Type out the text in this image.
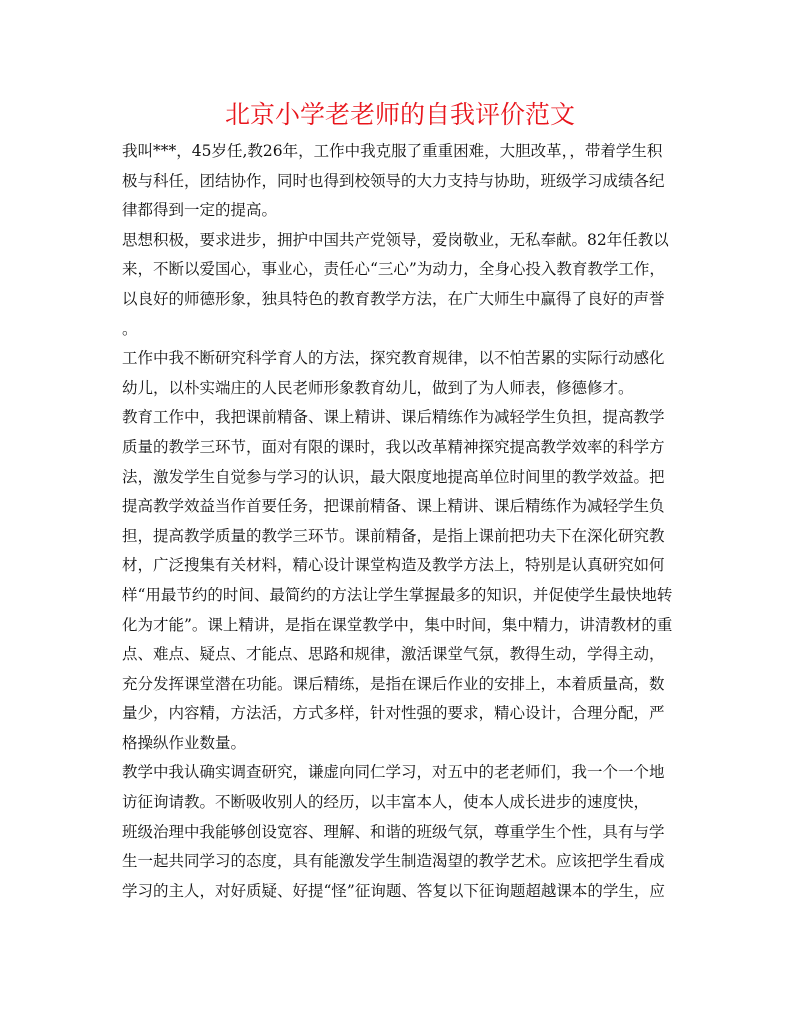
北京小学老老师的自我评价范文

我叫***，45岁任,教26年，工作中我克服了重重困难，大胆改革，，带着学生积
极与科任，团结协作，同时也得到校领导的大力支持与协助，班级学习成绩各纪
律都得到一定的提高。

思想积极，要求进步，拥护中国共产党领导，爱岗敬业，无私奉献。82年任教以
来，不断以爱国心，事业心，责任心“三心”为动力，全身心投入教育教学工作，
以良好的师德形象，独具特色的教育教学方法，在广大师生中赢得了良好的声誉
。

工作中我不断研究科学育人的方法，探究教育规律，以不怕苦累的实际行动感化
幼儿，以朴实端庄的人民老师形象教育幼儿，做到了为人师表，修德修才。

教育工作中，我把课前精备、课上精讲、课后精练作为减轻学生负担，提高教学
质量的教学三环节，面对有限的课时，我以改革精神探究提高教学效率的科学方
法，激发学生自觉参与学习的认识，最大限度地提高单位时间里的教学效益。把
提高教学效益当作首要任务，把课前精备、课上精讲、课后精练作为减轻学生负
担，提高教学质量的教学三环节。课前精备，是指上课前把功夫下在深化研究教
材，广泛搜集有关材料，精心设计课堂构造及教学方法上，特别是认真研究如何
样“用最节约的时间、最简约的方法让学生掌握最多的知识，并促使学生最快地转
化为才能”。课上精讲，是指在课堂教学中，集中时间，集中精力，讲清教材的重
点、难点、疑点、才能点、思路和规律，激活课堂气氛，教得生动，学得主动，
充分发挥课堂潜在功能。课后精练，是指在课后作业的安排上，本着质量高，数
量少，内容精，方法活，方式多样，针对性强的要求，精心设计，合理分配，严
格操纵作业数量。

教学中我认确实调查研究，谦虚向同仁学习，对五中的老老师们，我一个一个地
访征询请教。不断吸收别人的经历，以丰富本人，使本人成长进步的速度快，

班级治理中我能够创设宽容、理解、和谐的班级气氛，尊重学生个性，具有与学
生一起共同学习的态度，具有能激发学生制造渴望的教学艺术。应该把学生看成
学习的主人，对好质疑、好提“怪”征询题、答复以下征询题超越课本的学生，应
